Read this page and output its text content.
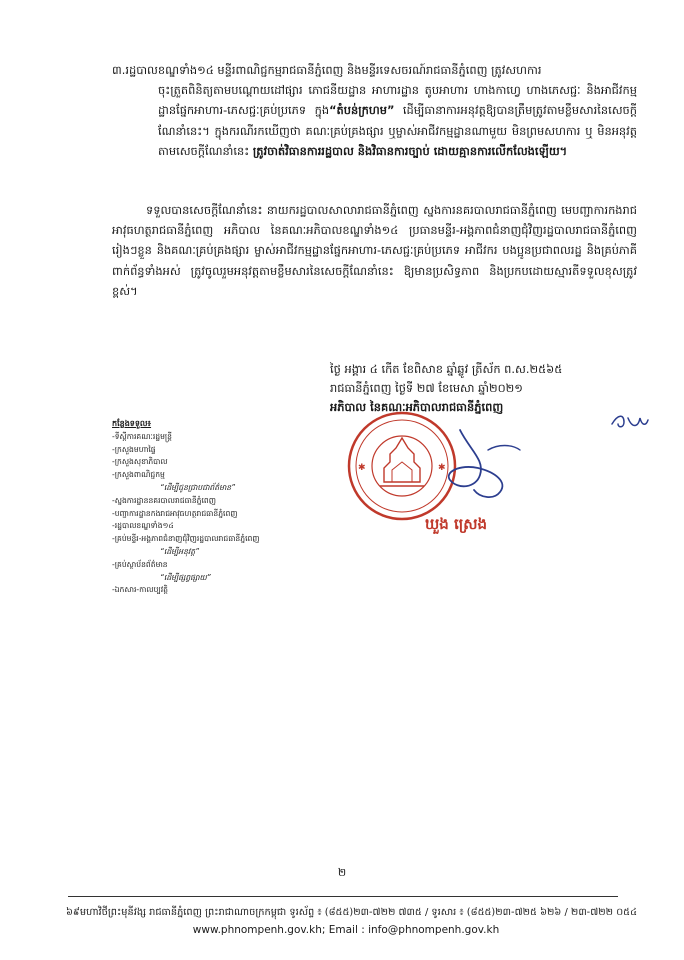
៣.រដ្ឋបាលខណ្ឌទាំង១៤ មន្ទីរពាណិជ្ជកម្មរាជធានីភ្នំពេញ និងមន្ទីរទេសចរណ៍រាជធានីភ្នំពេញ ត្រូវសហការ
ចុះត្រួតពិនិត្យតាមបណ្ដោយដៅផ្សារ ភោជនីយដ្ឋាន អាហារដ្ឋាន តូបអាហារ ហាងកាហ្វេ ហាងភេសជ្ជៈ និងអាជីវកម្មដ្ឋានផ្នែកអាហារ-ភេសជ្ជៈគ្រប់ប្រភេទ ក្នុង“តំបន់ក្រហម” ដើម្បីធានាការអនុវត្តឱ្យបានត្រឹមត្រូវតាមខ្លឹមសារនៃសេចក្ដីណែនាំនេះ។ ក្នុងករណីរកឃើញថា គណៈគ្រប់គ្រងផ្សារ ឬម្ចាស់អាជីវកម្មដ្ឋានណាមួយ មិនព្រមសហការ ឬ មិនអនុវត្តតាមសេចក្ដីណែនាំនេះ ត្រូវចាត់វិធានការរដ្ឋបាល និងវិធានការច្បាប់ ដោយគ្មានការលើកលែងឡើយ។
ទទួលបានសេចក្ដីណែនាំនេះ នាយករដ្ឋបាលសាលារាជធានីភ្នំពេញ ស្នងការនគរបាលរាជធានីភ្នំពេញ មេបញ្ជាការកងរាជអាវុធហត្ថរាជធានីភ្នំពេញ អភិបាល នៃគណៈអភិបាលខណ្ឌទាំង១៤ ប្រធានមន្ទីរ-អង្គភាពជំនាញជុំវិញរដ្ឋបាលរាជធានីភ្នំពេញ រៀងៗខ្លួន និងគណៈគ្រប់គ្រងផ្សារ ម្ចាស់អាជីវកម្មដ្ឋានផ្នែកអាហារ-ភេសជ្ជៈគ្រប់ប្រភេទ អាជីវករ បងប្អូនប្រជាពលរដ្ឋ និងគ្រប់ភាគីពាក់ព័ន្ធទាំងអស់ ត្រូវចូលរួមអនុវត្តតាមខ្លឹមសារនៃសេចក្ដីណែនាំនេះ ឱ្យមានប្រសិទ្ធភាព និងប្រកបដោយស្មារតីទទួលខុសត្រូវខ្ពស់។
ថ្ងៃ អង្គារ ៤ កើត ខែពិសាខ ឆ្នាំឆ្លូវ ត្រីស័ក ព.ស.២៥៦៥
រាជធានីភ្នំពេញ ថ្ងៃទី ២៧ ខែមេសា ឆ្នាំ២០២១
អភិបាល នៃគណៈអភិបាលរាជធានីភ្នំពេញ
កន្លែងទទួល៖
-ទីស្ដីការគណៈរដ្ឋមន្ត្រី
-ក្រសួងមហាផ្ទៃ
-ក្រសួងសុខាភិបាល
-ក្រសួងពាណិជ្ជកម្ម
“ដើម្បីជូនជ្រាបជាព័ត៌មាន”
-ស្នងការដ្ឋាននគរបាលរាជធានីភ្នំពេញ
-បញ្ជាការដ្ឋានកងរាជអាវុធហត្ថរាជធានីភ្នំពេញ
-រដ្ឋបាលខណ្ឌទាំង១៤
-គ្រប់មន្ទីរ-អង្គភាពជំនាញជុំវិញរដ្ឋបាលរាជធានីភ្នំពេញ
“ដើម្បីអនុវត្ត”
-គ្រប់ស្ថាប័នព័ត៌មាន
“ដើម្បីផ្សព្វផ្សាយ”
-ឯកសារ-កាលប្បវត្តិ
✱	✱
ឃួង ស្រេង
២
៦៩មហាវិថីព្រះមុនីវង្ស រាជធានីភ្នំពេញ ព្រះរាជាណាចក្រកម្ពុជា ទូរស័ព្ទ ៖ (៨៥៥)២៣-៧២២ ៧៣៥ / ទូរសារ ៖ (៨៥៥)២៣-៧២៥ ៦២៦ / ២៣-៧២២ ០៥៤
www.phnompenh.gov.kh; Email : info@phnompenh.gov.kh
